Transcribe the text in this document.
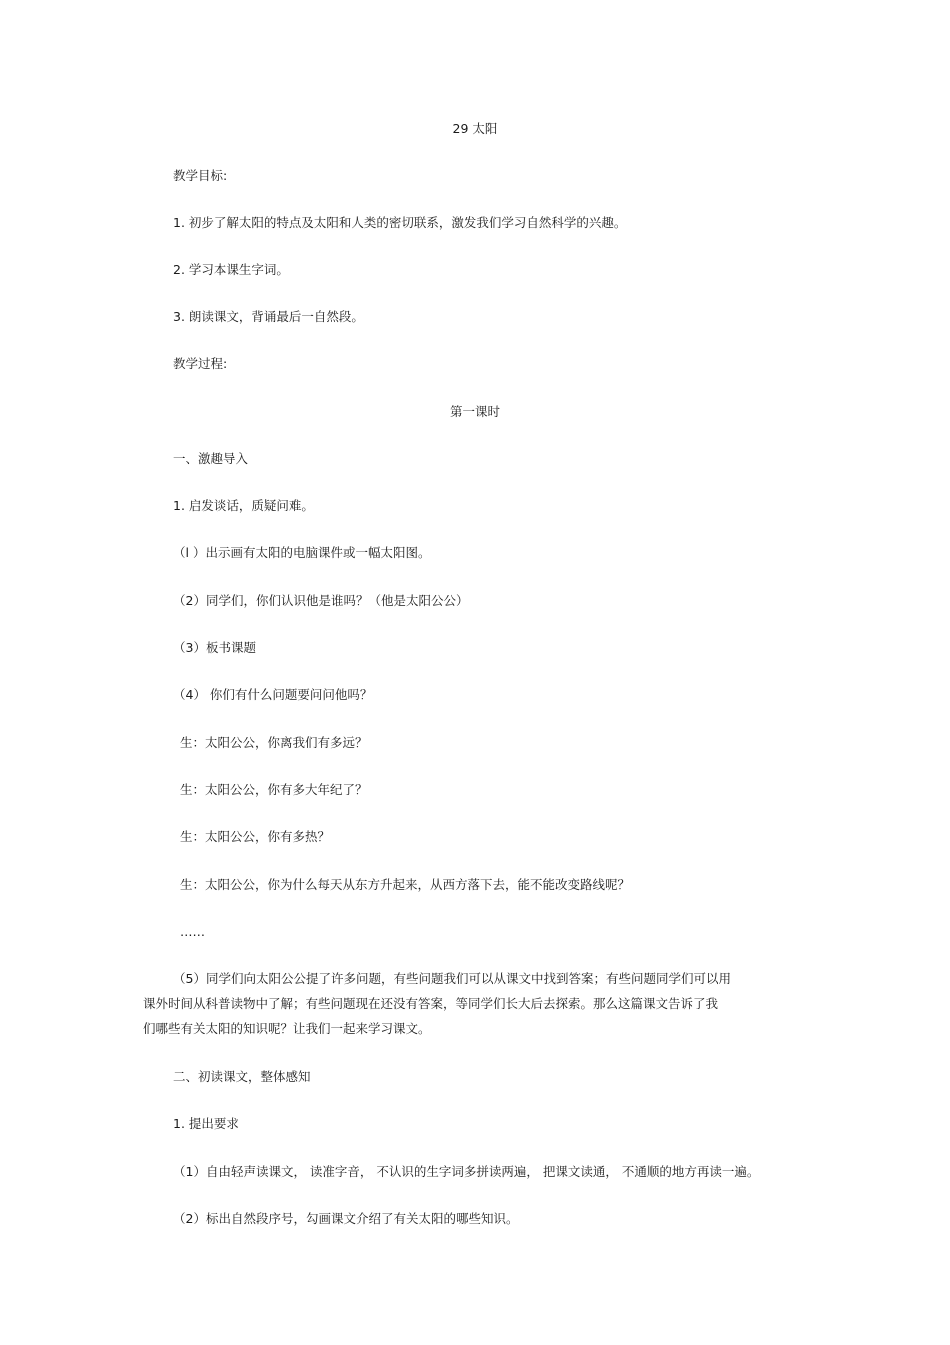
29 太阳
教学目标:
1. 初步了解太阳的特点及太阳和人类的密切联系，激发我们学习自然科学的兴趣。
2. 学习本课生字词。
3. 朗读课文，背诵最后一自然段。
教学过程:
第一课时
一、激趣导入
1. 启发谈话，质疑问难。
（l ）出示画有太阳的电脑课件或一幅太阳图。
（2）同学们，你们认识他是谁吗？（他是太阳公公）
（3）板书课题
（4） 你们有什么问题要问问他吗？
生：太阳公公，你离我们有多远？
生：太阳公公，你有多大年纪了？
生：太阳公公，你有多热？
生：太阳公公，你为什么每天从东方升起来，从西方落下去，能不能改变路线呢？
……
（5）同学们向太阳公公提了许多问题，有些问题我们可以从课文中找到答案；有些问题同学们可以用
课外时间从科普读物中了解；有些问题现在还没有答案，等同学们长大后去探索。那么这篇课文告诉了我
们哪些有关太阳的知识呢？让我们一起来学习课文。
二、初读课文，整体感知
1. 提出要求
（1）自由轻声读课文， 读准字音， 不认识的生字词多拼读两遍， 把课文读通， 不通顺的地方再读一遍。
（2）标出自然段序号，勾画课文介绍了有关太阳的哪些知识。
